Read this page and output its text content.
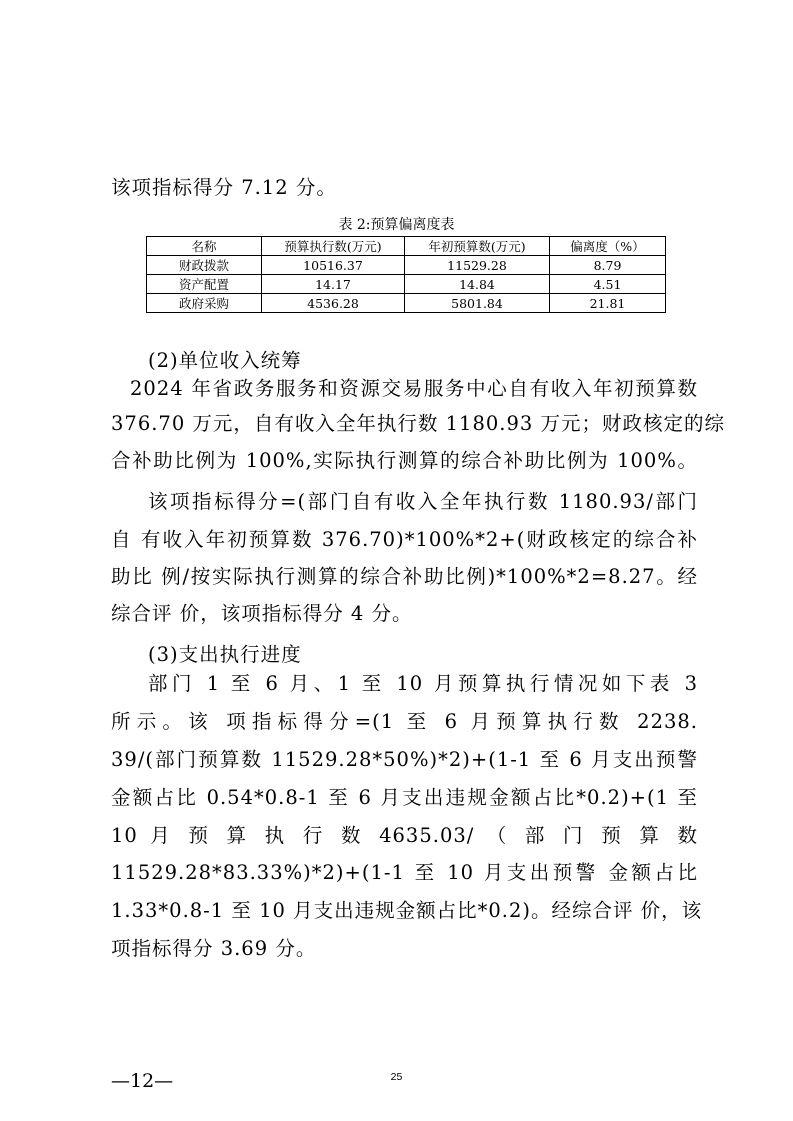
该项指标得分 7.12 分。
表 2:预算偏离度表
名称	预算执行数(万元)	年初预算数(万元)	偏离度（%）
财政拨款	10516.37	11529.28	8.79
资产配置	14.17	14.84	4.51
政府采购	4536.28	5801.84	21.81
(2)单位收入统筹
2024 年省政务服务和资源交易服务中心自有收入年初预算数
376.70 万元，自有收入全年执行数 1180.93 万元；财政核定的综
合补助比例为 100%,实际执行测算的综合补助比例为 100%。
该项指标得分=(部门自有收入全年执行数 1180.93/部门
自 有收入年初预算数 376.70)*100%*2+(财政核定的综合补
助比 例/按实际执行测算的综合补助比例)*100%*2=8.27。经
综合评 价，该项指标得分 4 分。
(3)支出执行进度
部门 1 至 6 月、1 至 10 月预算执行情况如下表 3
所示。该 项指标得分=(1 至 6 月预算执行数 2238.
39/(部门预算数 11529.28*50%)*2)+(1-1 至 6 月支出预警
金额占比 0.54*0.8-1 至 6 月支出违规金额占比*0.2)+(1 至
10 月 预 算 执 行 数 4635.03/ （ 部 门 预 算 数
11529.28*83.33%)*2)+(1-1 至 10 月支出预警 金额占比
1.33*0.8-1 至 10 月支出违规金额占比*0.2)。经综合评 价，该
项指标得分 3.69 分。
—12—	25
